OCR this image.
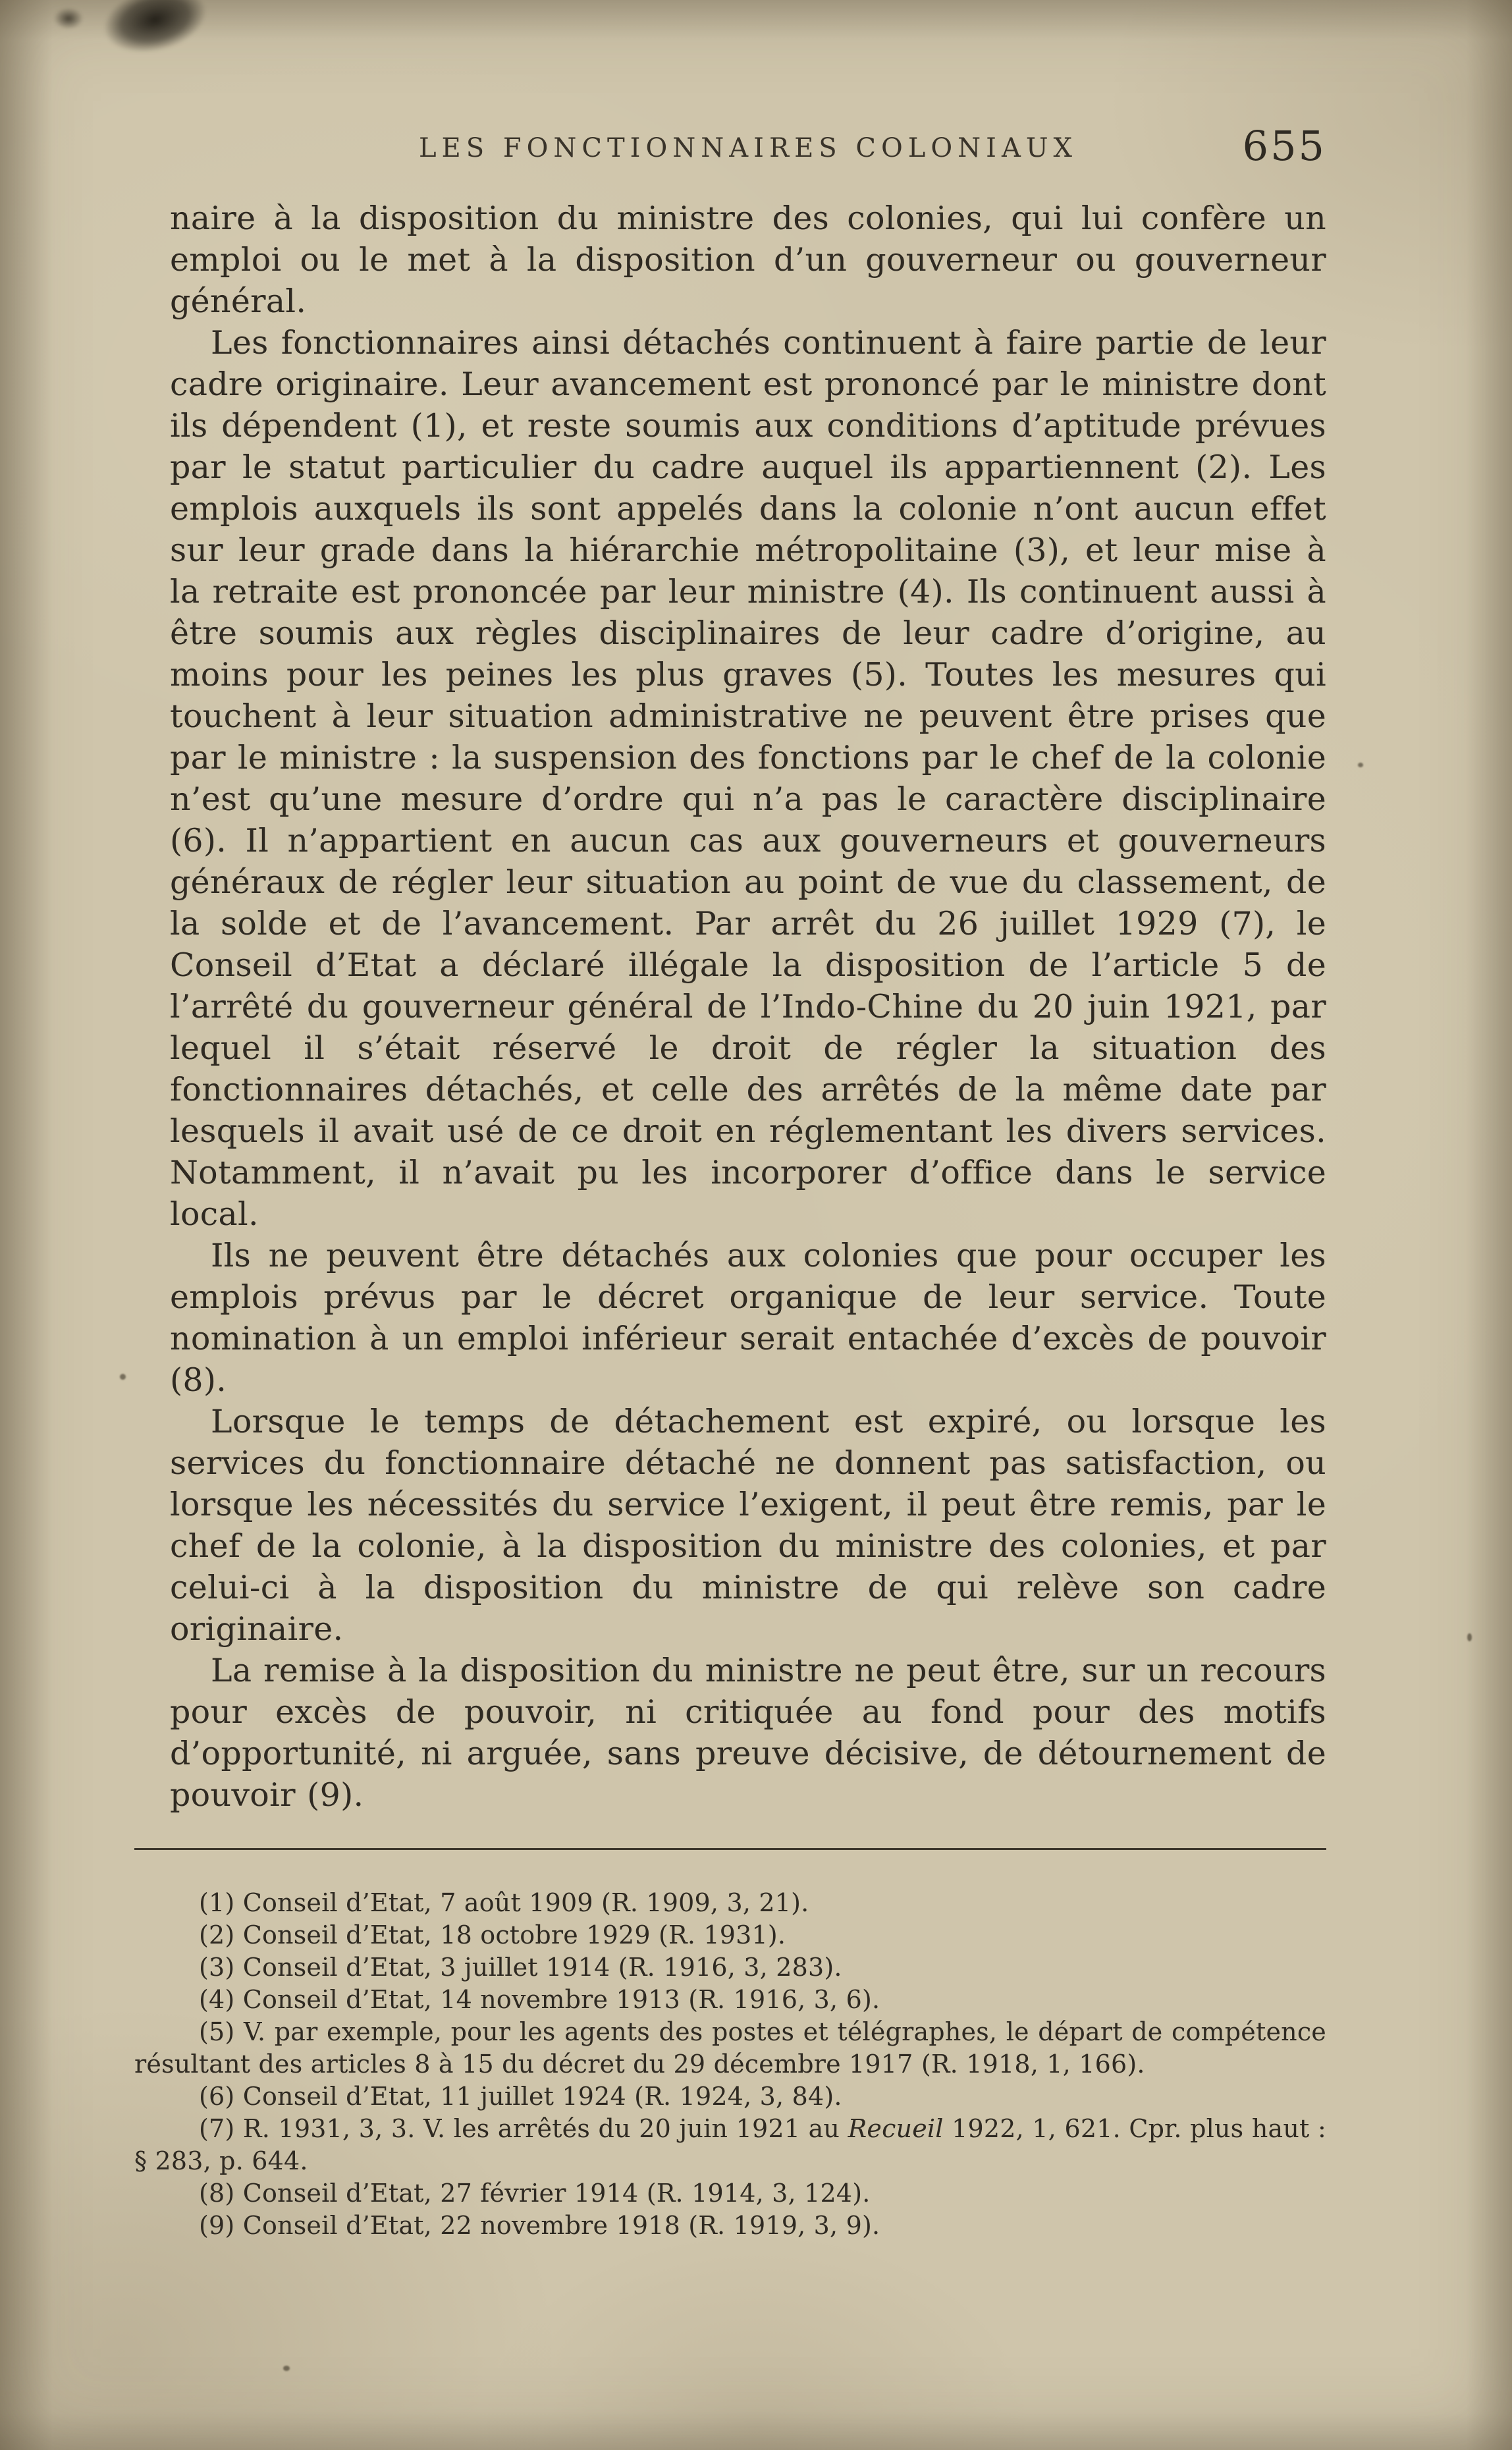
LES FONCTIONNAIRES COLONIAUX	655

naire à la disposition du ministre des colonies, qui lui confère un emploi ou le met à la disposition d’un gouverneur ou gouverneur général.

Les fonctionnaires ainsi détachés continuent à faire partie de leur cadre originaire. Leur avancement est prononcé par le ministre dont ils dépendent (1), et reste soumis aux conditions d’aptitude prévues par le statut particulier du cadre auquel ils appartiennent (2). Les emplois auxquels ils sont appelés dans la colonie n’ont aucun effet sur leur grade dans la hiérarchie métropolitaine (3), et leur mise à la retraite est prononcée par leur ministre (4). Ils continuent aussi à être soumis aux règles disciplinaires de leur cadre d’origine, au moins pour les peines les plus graves (5). Toutes les mesures qui touchent à leur situation administrative ne peuvent être prises que par le ministre : la suspension des fonctions par le chef de la colonie n’est qu’une mesure d’ordre qui n’a pas le caractère disciplinaire (6). Il n’appartient en aucun cas aux gouverneurs et gouverneurs généraux de régler leur situation au point de vue du classement, de la solde et de l’avancement. Par arrêt du 26 juillet 1929 (7), le Conseil d’Etat a déclaré illégale la disposition de l’article 5 de l’arrêté du gouverneur général de l’Indo-Chine du 20 juin 1921, par lequel il s’était réservé le droit de régler la situation des fonctionnaires détachés, et celle des arrêtés de la même date par lesquels il avait usé de ce droit en réglementant les divers services. Notamment, il n’avait pu les incorporer d’office dans le service local.

Ils ne peuvent être détachés aux colonies que pour occuper les emplois prévus par le décret organique de leur service. Toute nomination à un emploi inférieur serait entachée d’excès de pouvoir (8).

Lorsque le temps de détachement est expiré, ou lorsque les services du fonctionnaire détaché ne donnent pas satisfaction, ou lorsque les nécessités du service l’exigent, il peut être remis, par le chef de la colonie, à la disposition du ministre des colonies, et par celui-ci à la disposition du ministre de qui relève son cadre originaire.

La remise à la disposition du ministre ne peut être, sur un recours pour excès de pouvoir, ni critiquée au fond pour des motifs d’opportunité, ni arguée, sans preuve décisive, de détournement de pouvoir (9).

(1) Conseil d’Etat, 7 août 1909 (R. 1909, 3, 21).

(2) Conseil d’Etat, 18 octobre 1929 (R. 1931).

(3) Conseil d’Etat, 3 juillet 1914 (R. 1916, 3, 283).

(4) Conseil d’Etat, 14 novembre 1913 (R. 1916, 3, 6).

(5) V. par exemple, pour les agents des postes et télégraphes, le départ de compétence résultant des articles 8 à 15 du décret du 29 décembre 1917 (R. 1918, 1, 166).

(6) Conseil d’Etat, 11 juillet 1924 (R. 1924, 3, 84).

(7) R. 1931, 3, 3. V. les arrêtés du 20 juin 1921 au Recueil 1922, 1, 621. Cpr. plus haut : § 283, p. 644.

(8) Conseil d’Etat, 27 février 1914 (R. 1914, 3, 124).

(9) Conseil d’Etat, 22 novembre 1918 (R. 1919, 3, 9).
